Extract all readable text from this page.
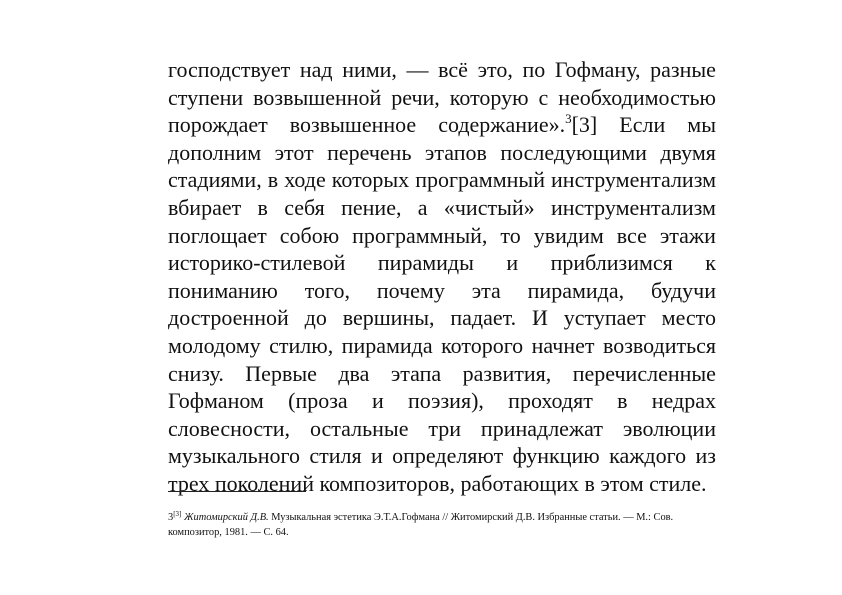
господствует над ними, — всё это, по Гофману, разные
ступени возвышенной речи, которую с необходимостью
порождает возвышенное содержание».$^3$[3] Если мы
дополним этот перечень этапов последующими двумя
стадиями, в ходе которых программный инструментализм
вбирает в себя пение, а «чистый» инструментализм
поглощает собою программный, то увидим все этажи
историко-стилевой пирамиды и приблизимся к
пониманию того, почему эта пирамида, будучи
достроенной до вершины, падает. И уступает место
молодому стилю, пирамида которого начнет возводиться
снизу. Первые два этапа развития, перечисленные
Гофманом (проза и поэзия), проходят в недрах
словесности, остальные три принадлежат эволюции
музыкального стиля и определяют функцию каждого из
трех
поколений
композиторов,
работающих
в
этом
стиле.
3[3] Житомирский Д.В. Музыкальная эстетика Э.Т.А.Гофмана // Житомирский Д.В. Избранные статьи. — М.: Сов.
композитор, 1981. — С. 64.
